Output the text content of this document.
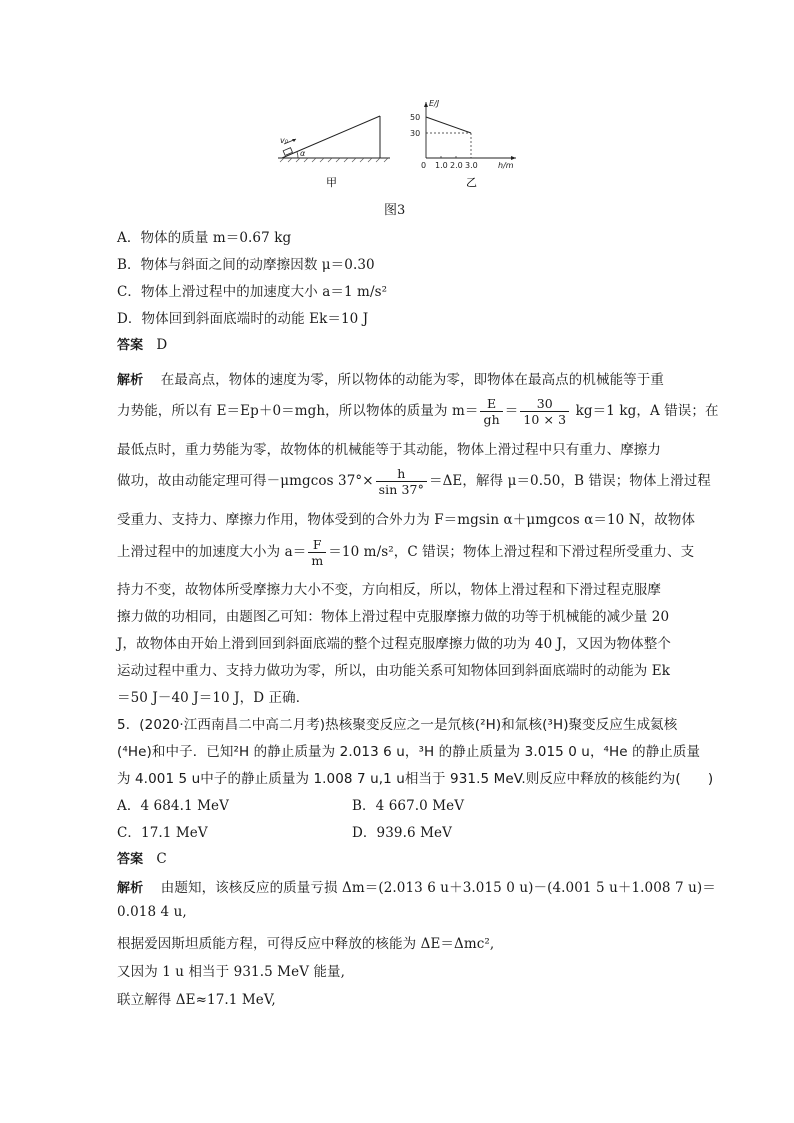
v₀
α
E/J
50
30
0 1.0 2.0 3.0	h/m
甲	乙
图3
A．物体的质量 m＝0.67 kg
B．物体与斜面之间的动摩擦因数 μ＝0.30
C．物体上滑过程中的加速度大小 a＝1 m/s²
D．物体回到斜面底端时的动能 Ek＝10 J
答案 D
解析 在最高点，物体的速度为零，所以物体的动能为零，即物体在最高点的机械能等于重
力势能，所以有 E＝Ep＋0＝mgh，所以物体的质量为 $m= \frac{E}{gh} = \frac{30}{10 \times 3} kg=1$ kg，A 错误；在
最低点时，重力势能为零，故物体的机械能等于其动能，物体上滑过程中只有重力、摩擦力
做功，故由动能定理可得－μmgcos $37^\circ\times \frac{h}{\sin 37^\circ} =\Delta E$，解得 μ＝0.50，B 错误；物体上滑过程
受重力、支持力、摩擦力作用，物体受到的合外力为 F＝mgsin α＋μmgcos α＝10 N，故物体
上滑过程中的加速度大小为 $a= \frac{F}{m} =10$ m/s²，C 错误；物体上滑过程和下滑过程所受重力、支
持力不变，故物体所受摩擦力大小不变，方向相反，所以，物体上滑过程和下滑过程克服摩
擦力做的功相同，由题图乙可知：物体上滑过程中克服摩擦力做的功等于机械能的减少量 20
J，故物体由开始上滑到回到斜面底端的整个过程克服摩擦力做的功为 40 J，又因为物体整个
运动过程中重力、支持力做功为零，所以，由功能关系可知物体回到斜面底端时的动能为 Ek
＝50 J－40 J＝10 J，D 正确．
5．(2020·江西南昌二中高二月考)热核聚变反应之一是氘核(²H)和氚核(³H)聚变反应生成氦核
(⁴He)和中子．已知²H 的静止质量为 2.013 6 u，³H 的静止质量为 3.015 0 u，⁴He 的静止质量
为 4.001 5 u中子的静止质量为 1.008 7 u,1 u相当于 931.5 MeV.则反应中释放的核能约为(　　)
A．4 684.1 MeV	B．4 667.0 MeV
C．17.1 MeV	D．939.6 MeV
答案 C
解析 由题知，该核反应的质量亏损 Δm＝(2.013 6 u＋3.015 0 u)－(4.001 5 u＋1.008 7 u)＝
0.018 4 u,
根据爱因斯坦质能方程，可得反应中释放的核能为 ΔE＝Δmc²,
又因为 1 u 相当于 931.5 MeV 能量,
联立解得 ΔE≈17.1 MeV,
